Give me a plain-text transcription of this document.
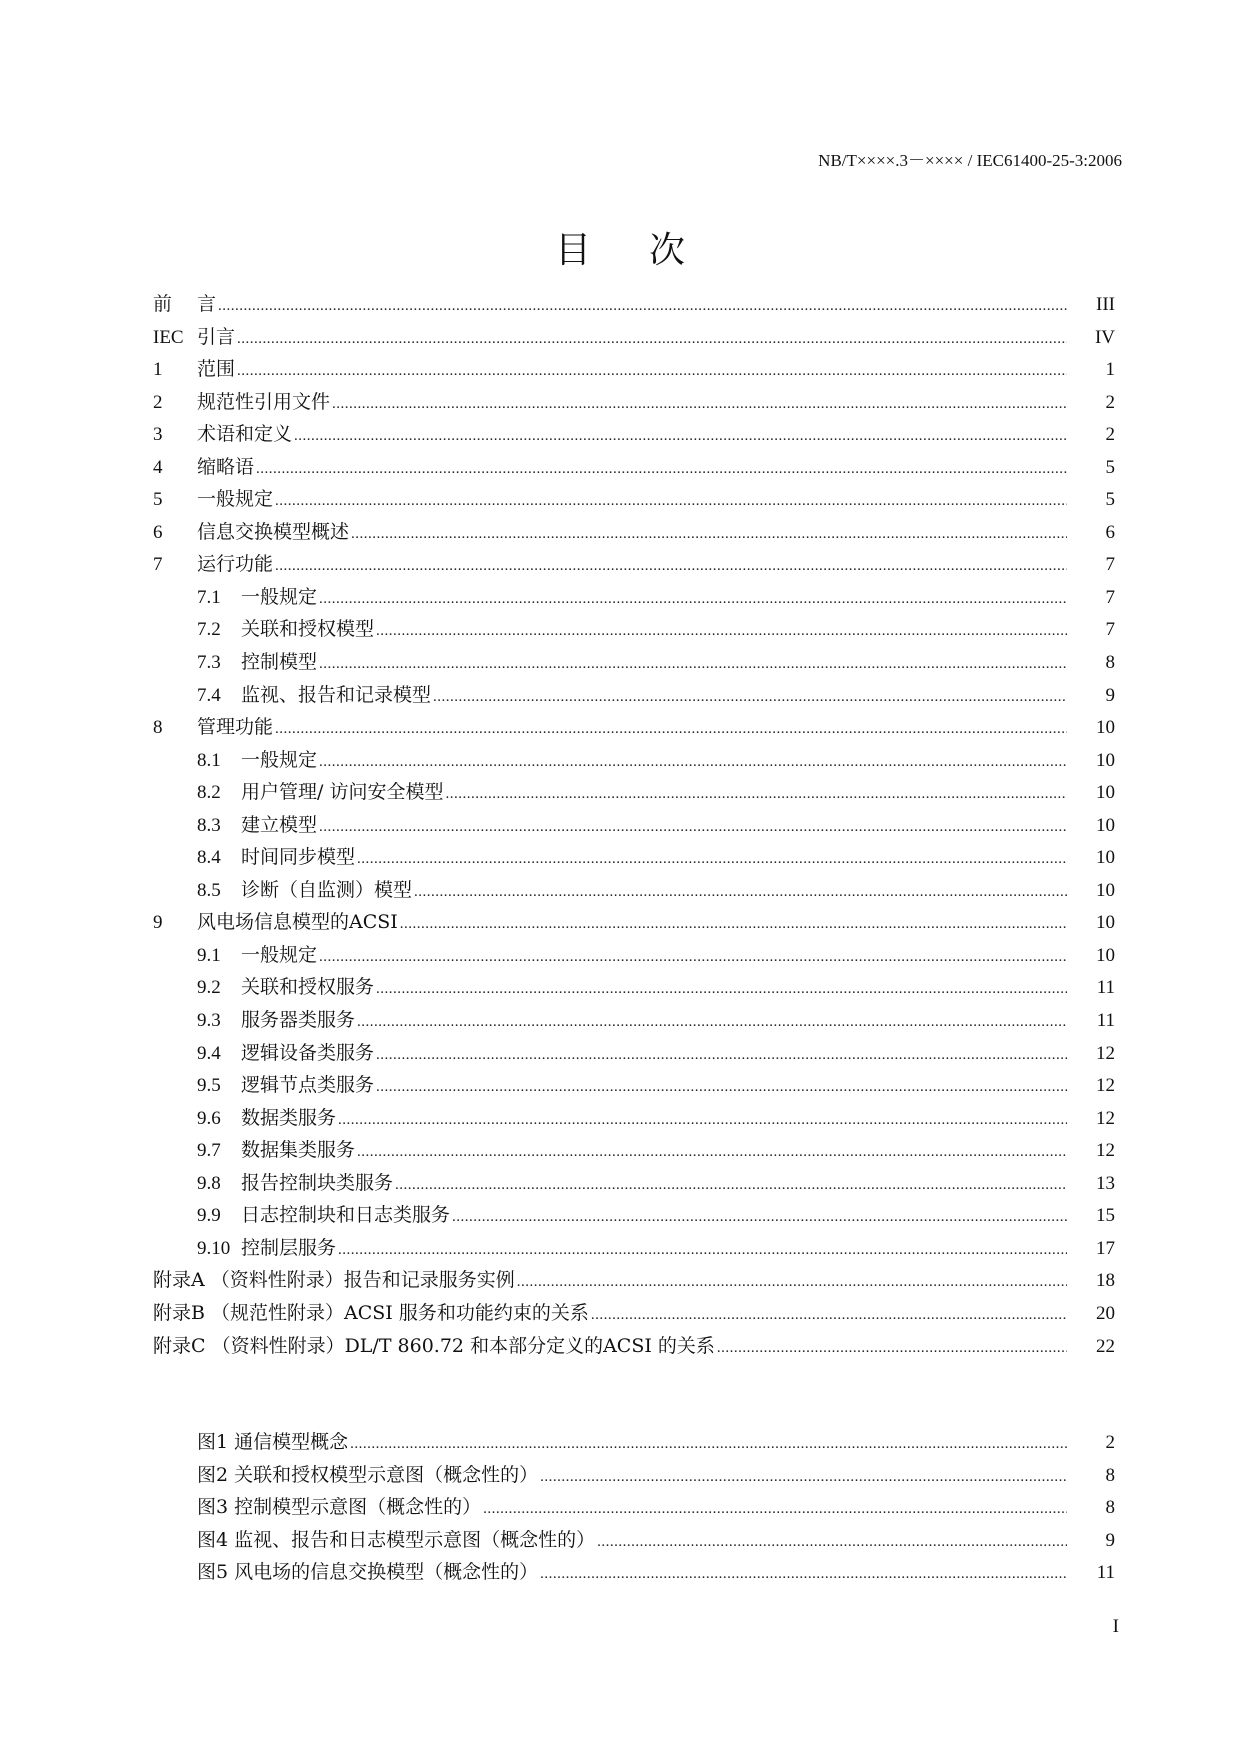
NB/T××××.3－×××× / IEC61400-25-3:2006
目次
前 言 .....	III
IEC 引言 .....	IV
1 范围 .....	1
2 规范性引用文件 .....	2
3 术语和定义 .....	2
4 缩略语 .....	5
5 一般规定 .....	5
6 信息交换模型概述 .....	6
7 运行功能 .....	7
7.1 一般规定 .....	7
7.2 关联和授权模型 .....	7
7.3 控制模型 .....	8
7.4 监视、报告和记录模型 .....	9
8 管理功能 .....	10
8.1 一般规定 .....	10
8.2 用户管理/ 访问安全模型 .....	10
8.3 建立模型 .....	10
8.4 时间同步模型 .....	10
8.5 诊断（自监测）模型 .....	10
9 风电场信息模型的ACSI .....	10
9.1 一般规定 .....	10
9.2 关联和授权服务 .....	11
9.3 服务器类服务 .....	11
9.4 逻辑设备类服务 .....	12
9.5 逻辑节点类服务 .....	12
9.6 数据类服务 .....	12
9.7 数据集类服务 .....	12
9.8 报告控制块类服务 .....	13
9.9 日志控制块和日志类服务 .....	15
9.10 控制层服务 .....	17
附录A （资料性附录）报告和记录服务实例 .....	18
附录B （规范性附录）ACSI 服务和功能约束的关系 .....	20
附录C （资料性附录）DL/T 860.72 和本部分定义的ACSI 的关系 .....	22
图1 通信模型概念 .....	2
图2 关联和授权模型示意图（概念性的） .....	8
图3 控制模型示意图（概念性的） .....	8
图4 监视、报告和日志模型示意图（概念性的） .....	9
图5 风电场的信息交换模型（概念性的） .....	11
I
